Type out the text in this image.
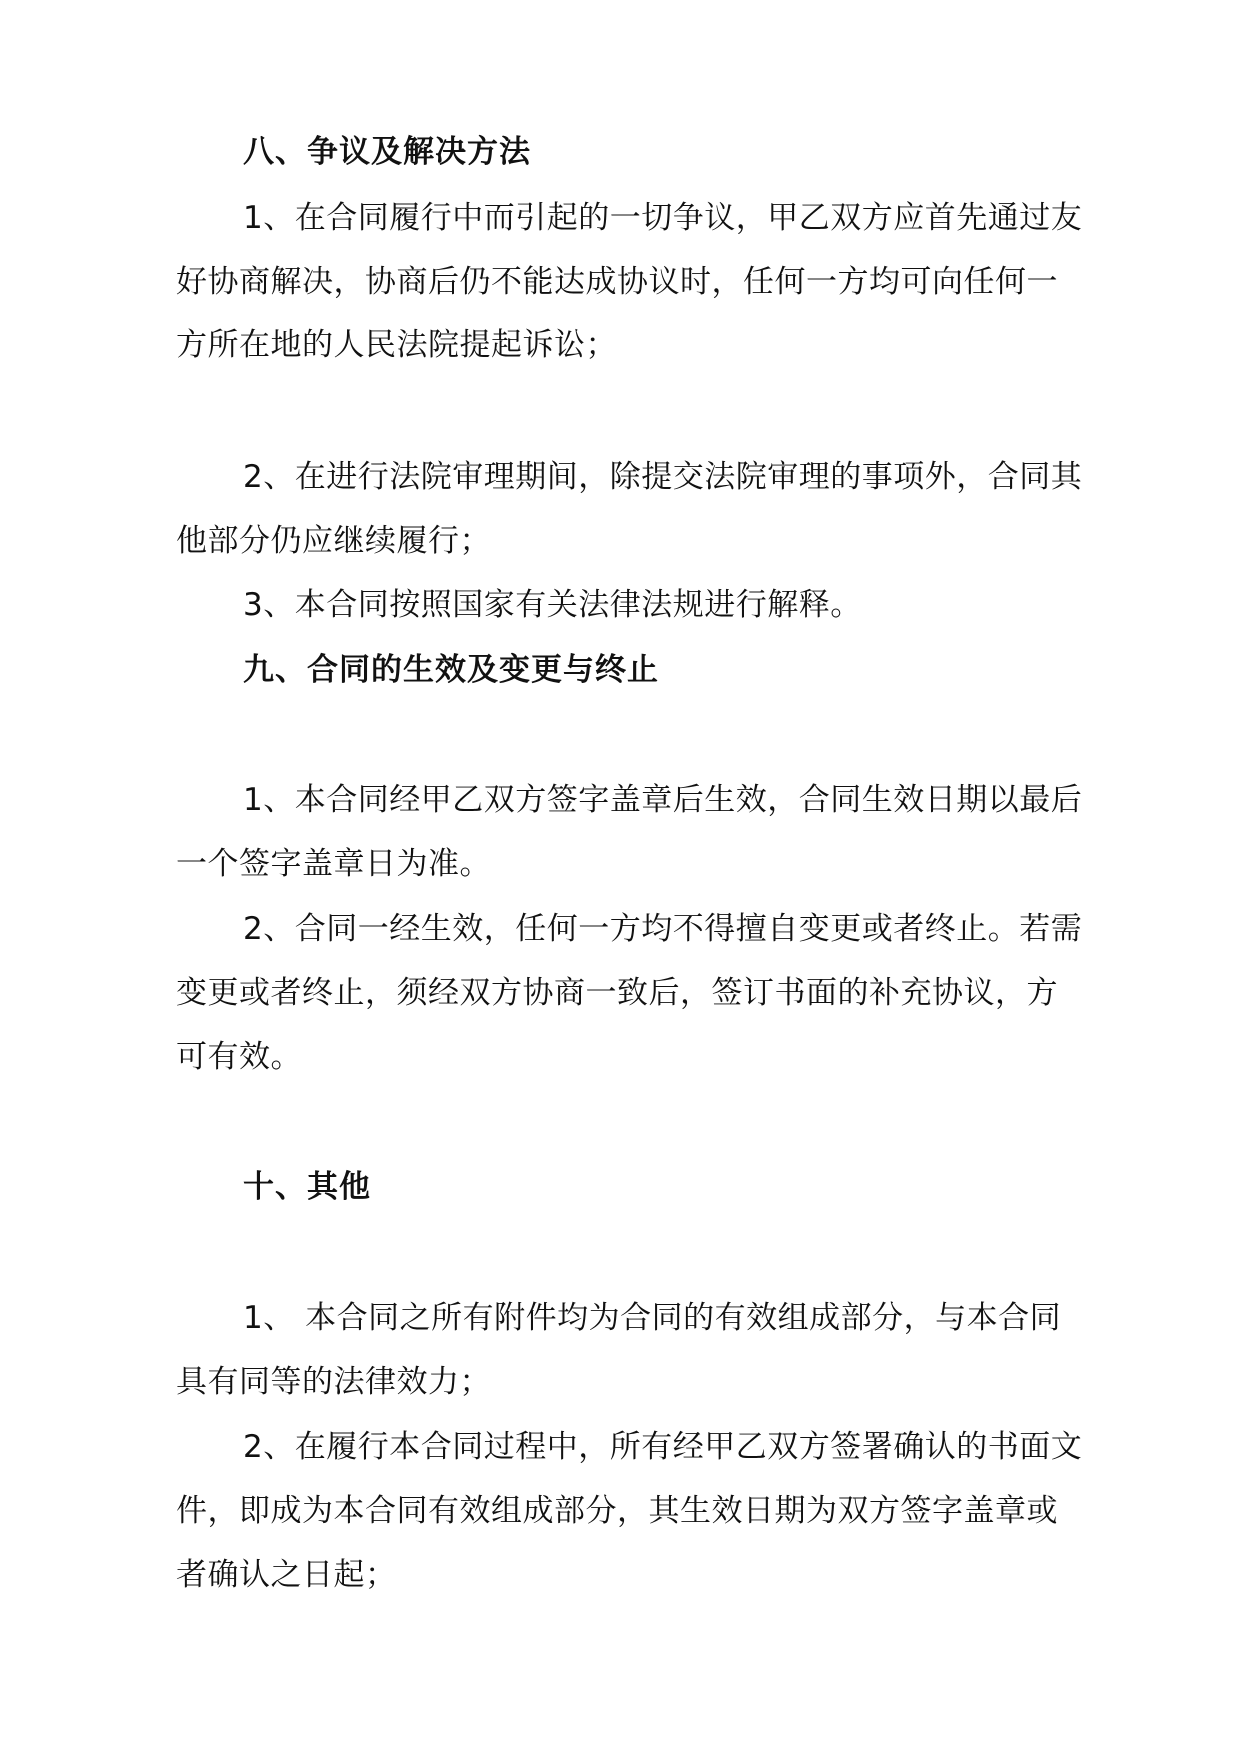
八、争议及解决方法
1、在合同履行中而引起的一切争议，甲乙双方应首先通过友
好协商解决，协商后仍不能达成协议时，任何一方均可向任何一
方所在地的人民法院提起诉讼；
2、在进行法院审理期间，除提交法院审理的事项外，合同其
他部分仍应继续履行；
3、本合同按照国家有关法律法规进行解释。
九、合同的生效及变更与终止
1、本合同经甲乙双方签字盖章后生效，合同生效日期以最后
一个签字盖章日为准。
2、合同一经生效，任何一方均不得擅自变更或者终止。若需
变更或者终止，须经双方协商一致后，签订书面的补充协议，方
可有效。
十、其他
1、 本合同之所有附件均为合同的有效组成部分，与本合同
具有同等的法律效力；
2、在履行本合同过程中，所有经甲乙双方签署确认的书面文
件，即成为本合同有效组成部分，其生效日期为双方签字盖章或
者确认之日起；
